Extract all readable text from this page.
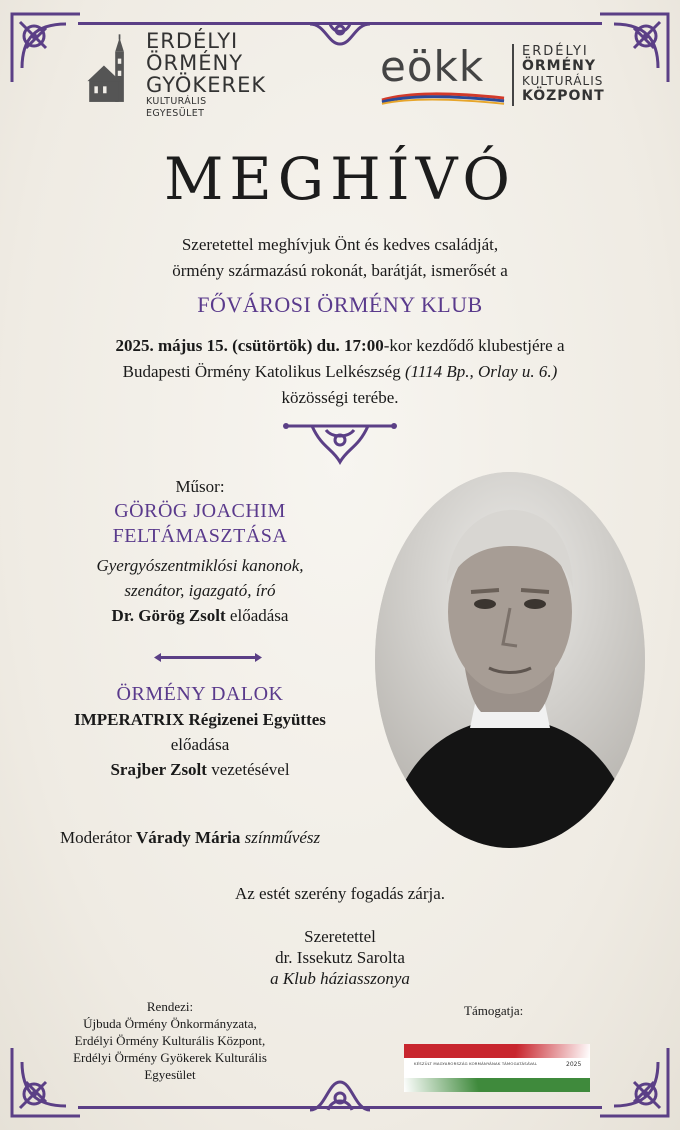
ERDÉLYI
ÖRMÉNY
GYÖKEREK
KULTURÁLIS EGYESÜLET
eökk	ERDÉLYI
ÖRMÉNY
KULTURÁLIS
KÖZPONT
MEGHÍVÓ
Szeretettel meghívjuk Önt és kedves családját,
örmény származású rokonát, barátját, ismerősét a
FŐVÁROSI ÖRMÉNY KLUB
2025. május 15. (csütörtök) du. 17:00-kor kezdődő klubestjére a
Budapesti Örmény Katolikus Lelkészség (1114 Bp., Orlay u. 6.)
közösségi terébe.
Műsor:
GÖRÖG JOACHIM
FELTÁMASZTÁSA
Gyergyószentmiklósi kanonok,
szenátor, igazgató, író
Dr. Görög Zsolt előadása
ÖRMÉNY DALOK
IMPERATRIX Régizenei Együttes
előadása
Srajber Zsolt vezetésével
Moderátor Várady Mária színművész
Az estét szerény fogadás zárja.
Szeretettel
dr. Issekutz Sarolta
a Klub háziasszonya
Rendezi:
Újbuda Örmény Önkormányzata,
Erdélyi Örmény Kulturális Központ,
Erdélyi Örmény Gyökerek Kulturális
Egyesület
Támogatja:
KÉSZÜLT MAGYARORSZÁG KORMÁNYÁNAK TÁMOGATÁSÁVAL	2025
